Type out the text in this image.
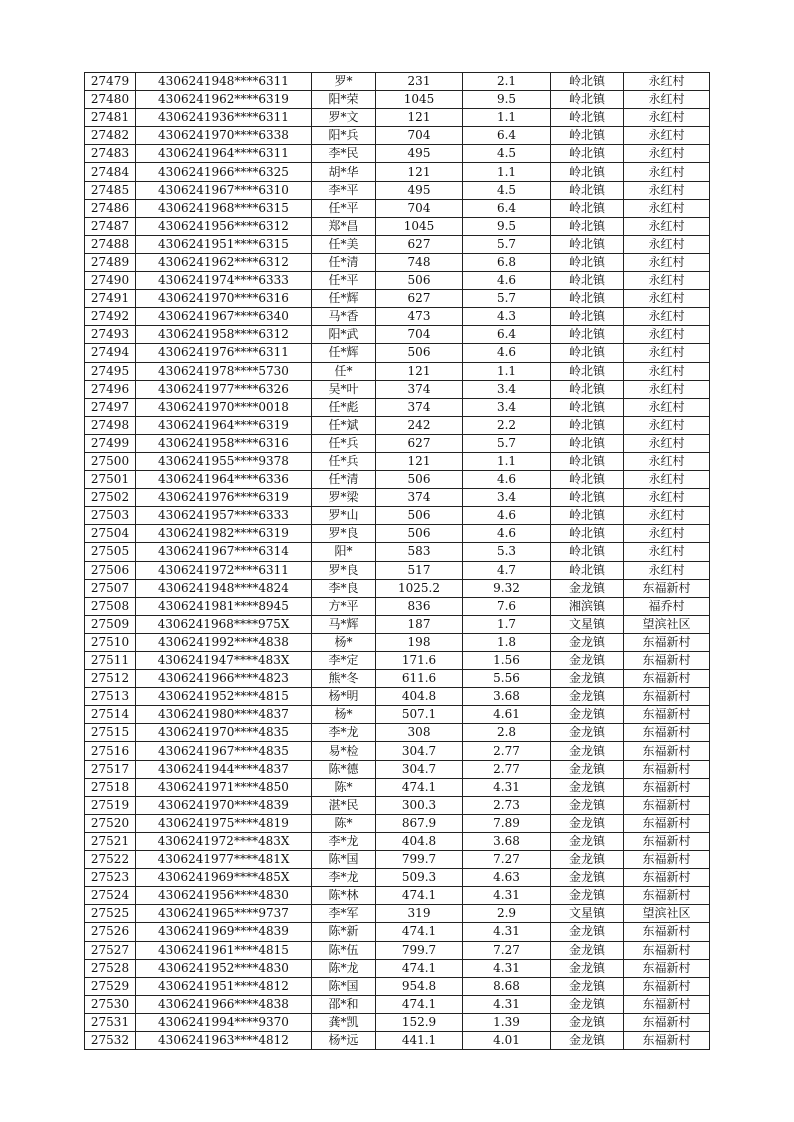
27479	4306241948****6311	罗*	231	2.1	岭北镇	永红村
27480	4306241962****6319	阳*荣	1045	9.5	岭北镇	永红村
27481	4306241936****6311	罗*文	121	1.1	岭北镇	永红村
27482	4306241970****6338	阳*兵	704	6.4	岭北镇	永红村
27483	4306241964****6311	李*民	495	4.5	岭北镇	永红村
27484	4306241966****6325	胡*华	121	1.1	岭北镇	永红村
27485	4306241967****6310	李*平	495	4.5	岭北镇	永红村
27486	4306241968****6315	任*平	704	6.4	岭北镇	永红村
27487	4306241956****6312	郑*昌	1045	9.5	岭北镇	永红村
27488	4306241951****6315	任*美	627	5.7	岭北镇	永红村
27489	4306241962****6312	任*清	748	6.8	岭北镇	永红村
27490	4306241974****6333	任*平	506	4.6	岭北镇	永红村
27491	4306241970****6316	任*辉	627	5.7	岭北镇	永红村
27492	4306241967****6340	马*香	473	4.3	岭北镇	永红村
27493	4306241958****6312	阳*武	704	6.4	岭北镇	永红村
27494	4306241976****6311	任*辉	506	4.6	岭北镇	永红村
27495	4306241978****5730	任*	121	1.1	岭北镇	永红村
27496	4306241977****6326	吴*叶	374	3.4	岭北镇	永红村
27497	4306241970****0018	任*彪	374	3.4	岭北镇	永红村
27498	4306241964****6319	任*斌	242	2.2	岭北镇	永红村
27499	4306241958****6316	任*兵	627	5.7	岭北镇	永红村
27500	4306241955****9378	任*兵	121	1.1	岭北镇	永红村
27501	4306241964****6336	任*清	506	4.6	岭北镇	永红村
27502	4306241976****6319	罗*梁	374	3.4	岭北镇	永红村
27503	4306241957****6333	罗*山	506	4.6	岭北镇	永红村
27504	4306241982****6319	罗*良	506	4.6	岭北镇	永红村
27505	4306241967****6314	阳*	583	5.3	岭北镇	永红村
27506	4306241972****6311	罗*良	517	4.7	岭北镇	永红村
27507	4306241948****4824	李*良	1025.2	9.32	金龙镇	东福新村
27508	4306241981****8945	方*平	836	7.6	湘滨镇	福乔村
27509	4306241968****975X	马*辉	187	1.7	文星镇	望滨社区
27510	4306241992****4838	杨*	198	1.8	金龙镇	东福新村
27511	4306241947****483X	李*定	171.6	1.56	金龙镇	东福新村
27512	4306241966****4823	熊*冬	611.6	5.56	金龙镇	东福新村
27513	4306241952****4815	杨*明	404.8	3.68	金龙镇	东福新村
27514	4306241980****4837	杨*	507.1	4.61	金龙镇	东福新村
27515	4306241970****4835	李*龙	308	2.8	金龙镇	东福新村
27516	4306241967****4835	易*检	304.7	2.77	金龙镇	东福新村
27517	4306241944****4837	陈*德	304.7	2.77	金龙镇	东福新村
27518	4306241971****4850	陈*	474.1	4.31	金龙镇	东福新村
27519	4306241970****4839	湛*民	300.3	2.73	金龙镇	东福新村
27520	4306241975****4819	陈*	867.9	7.89	金龙镇	东福新村
27521	4306241972****483X	李*龙	404.8	3.68	金龙镇	东福新村
27522	4306241977****481X	陈*国	799.7	7.27	金龙镇	东福新村
27523	4306241969****485X	李*龙	509.3	4.63	金龙镇	东福新村
27524	4306241956****4830	陈*林	474.1	4.31	金龙镇	东福新村
27525	4306241965****9737	李*军	319	2.9	文星镇	望滨社区
27526	4306241969****4839	陈*新	474.1	4.31	金龙镇	东福新村
27527	4306241961****4815	陈*伍	799.7	7.27	金龙镇	东福新村
27528	4306241952****4830	陈*龙	474.1	4.31	金龙镇	东福新村
27529	4306241951****4812	陈*国	954.8	8.68	金龙镇	东福新村
27530	4306241966****4838	邵*和	474.1	4.31	金龙镇	东福新村
27531	4306241994****9370	龚*凯	152.9	1.39	金龙镇	东福新村
27532	4306241963****4812	杨*远	441.1	4.01	金龙镇	东福新村
